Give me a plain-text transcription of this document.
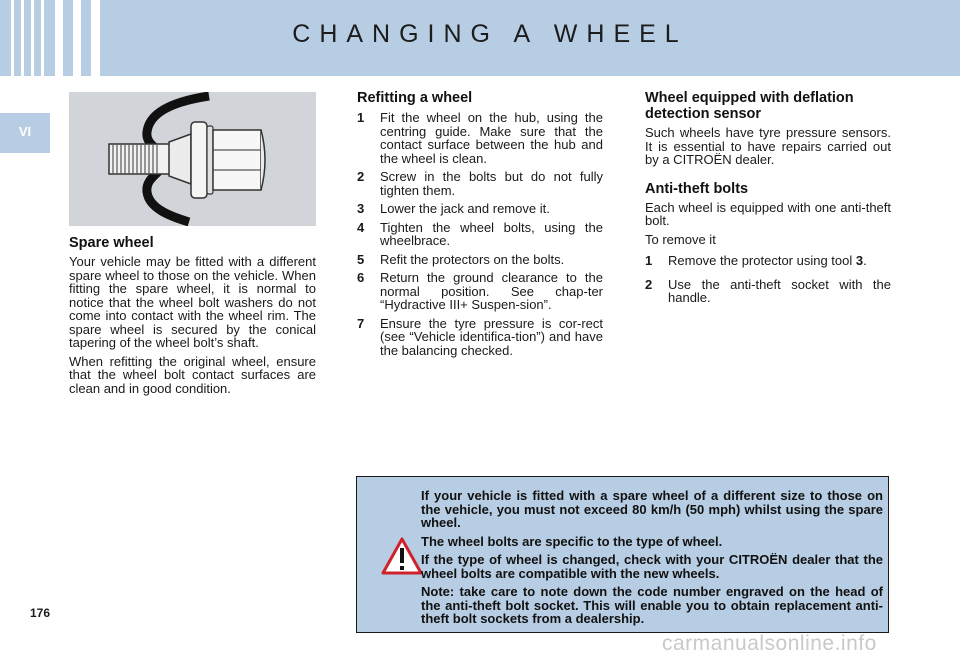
CHANGING A WHEEL
VI
Spare wheel

Your vehicle may be fitted with a different spare wheel to those on the vehicle. When fitting the spare wheel, it is normal to notice that the wheel bolt washers do not come into contact with the wheel rim. The spare wheel is secured by the conical tapering of the wheel bolt’s shaft.

When refitting the original wheel, ensure that the wheel bolt contact surfaces are clean and in good condition.

Refitting a wheel
1 Fit the wheel on the hub, using the centring guide. Make sure that the contact surface between the hub and the wheel is clean.
2 Screw in the bolts but do not fully tighten them.
3 Lower the jack and remove it.
4 Tighten the wheel bolts, using the wheelbrace.
5 Refit the protectors on the bolts.
6 Return the ground clearance to the normal position. See chap-ter “Hydractive III+ Suspen-sion”.
7 Ensure the tyre pressure is cor-rect (see “Vehicle identifica-tion”) and have the balancing checked.
Wheel equipped with deflation detection sensor

Such wheels have tyre pressure sensors. It is essential to have repairs carried out by a CITROËN dealer.

Anti-theft bolts

Each wheel is equipped with one anti-theft bolt.

To remove it

1 Remove the protector using tool 3.
2 Use the anti-theft socket with the handle.

If your vehicle is fitted with a spare wheel of a different size to those on the vehicle, you must not exceed 80 km/h (50 mph) whilst using the spare wheel.

The wheel bolts are specific to the type of wheel.

If the type of wheel is changed, check with your CITROËN dealer that the wheel bolts are compatible with the new wheels.

Note: take care to note down the code number engraved on the head of the anti-theft bolt socket. This will enable you to obtain replacement anti-theft bolt sockets from a dealership.

176
carmanualsonline.info
